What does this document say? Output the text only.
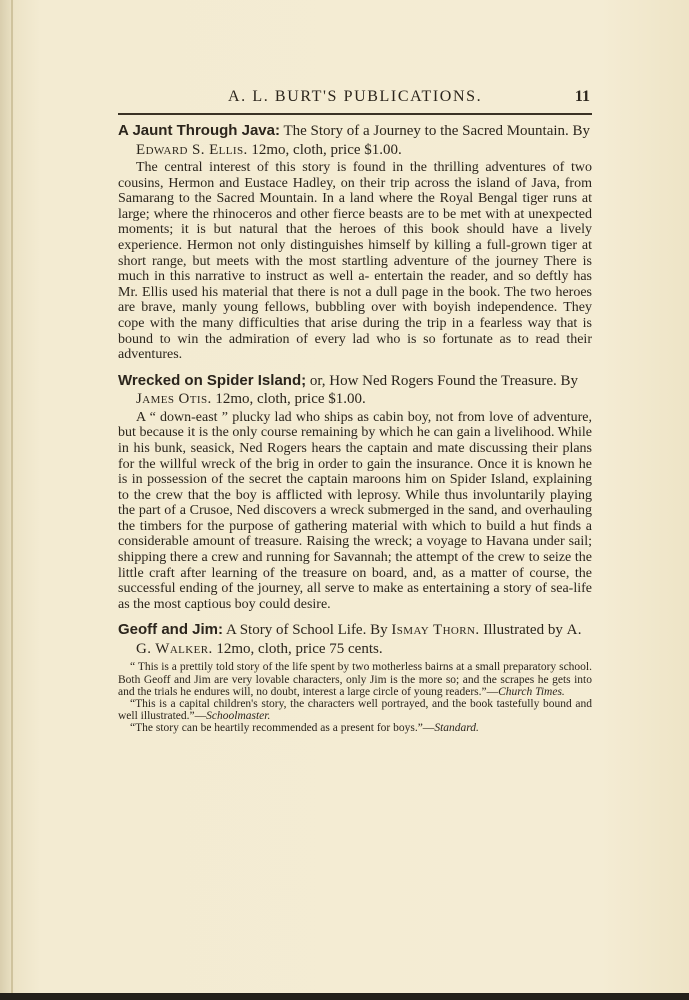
A. L. BURT'S PUBLICATIONS.	11

A Jaunt Through Java: The Story of a Journey to the Sacred Mountain. By Edward S. Ellis. 12mo, cloth, price $1.00.

The central interest of this story is found in the thrilling adventures of two cousins, Hermon and Eustace Hadley, on their trip across the island of Java, from Samarang to the Sacred Mountain. In a land where the Royal Bengal tiger runs at large; where the rhinoceros and other fierce beasts are to be met with at unexpected moments; it is but natural that the heroes of this book should have a lively experience. Hermon not only distinguishes himself by killing a full-grown tiger at short range, but meets with the most startling adventure of the journey There is much in this narrative to instruct as well a- entertain the reader, and so deftly has Mr. Ellis used his material that there is not a dull page in the book. The two heroes are brave, manly young fellows, bubbling over with boyish independence. They cope with the many difficulties that arise during the trip in a fearless way that is bound to win the admiration of every lad who is so fortunate as to read their adventures.

Wrecked on Spider Island; or, How Ned Rogers Found the Treasure. By James Otis. 12mo, cloth, price $1.00.

A “ down-east ” plucky lad who ships as cabin boy, not from love of adventure, but because it is the only course remaining by which he can gain a livelihood. While in his bunk, seasick, Ned Rogers hears the captain and mate discussing their plans for the willful wreck of the brig in order to gain the insurance. Once it is known he is in possession of the secret the captain maroons him on Spider Island, explaining to the crew that the boy is afflicted with leprosy. While thus involuntarily playing the part of a Crusoe, Ned discovers a wreck submerged in the sand, and overhauling the timbers for the purpose of gathering material with which to build a hut finds a considerable amount of treasure. Raising the wreck; a voyage to Havana under sail; shipping there a crew and running for Savannah; the attempt of the crew to seize the little craft after learning of the treasure on board, and, as a matter of course, the successful ending of the journey, all serve to make as entertaining a story of sea-life as the most captious boy could desire.

Geoff and Jim: A Story of School Life. By Ismay Thorn. Illustrated by A. G. Walker. 12mo, cloth, price 75 cents.

“ This is a prettily told story of the life spent by two motherless bairns at a small preparatory school. Both Geoff and Jim are very lovable characters, only Jim is the more so; and the scrapes he gets into and the trials he endures will, no doubt, interest a large circle of young readers.”—Church Times.

“This is a capital children's story, the characters well portrayed, and the book tastefully bound and well illustrated.”—Schoolmaster.

“The story can be heartily recommended as a present for boys.”—Standard.
